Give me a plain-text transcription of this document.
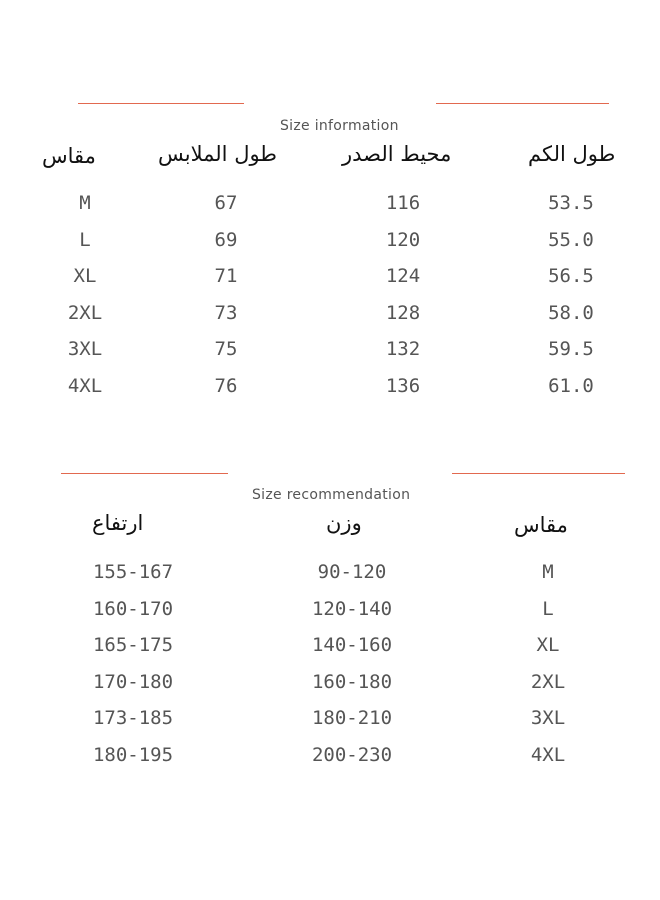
Size information
مقاس	طول الملابس	محيط الصدر	طول الكم
M	67	116	53.5
L	69	120	55.0
XL	71	124	56.5
2XL	73	128	58.0
3XL	75	132	59.5
4XL	76	136	61.0
Size recommendation
ارتفاع	وزن	مقاس
155-167	90-120	M
160-170	120-140	L
165-175	140-160	XL
170-180	160-180	2XL
173-185	180-210	3XL
180-195	200-230	4XL
